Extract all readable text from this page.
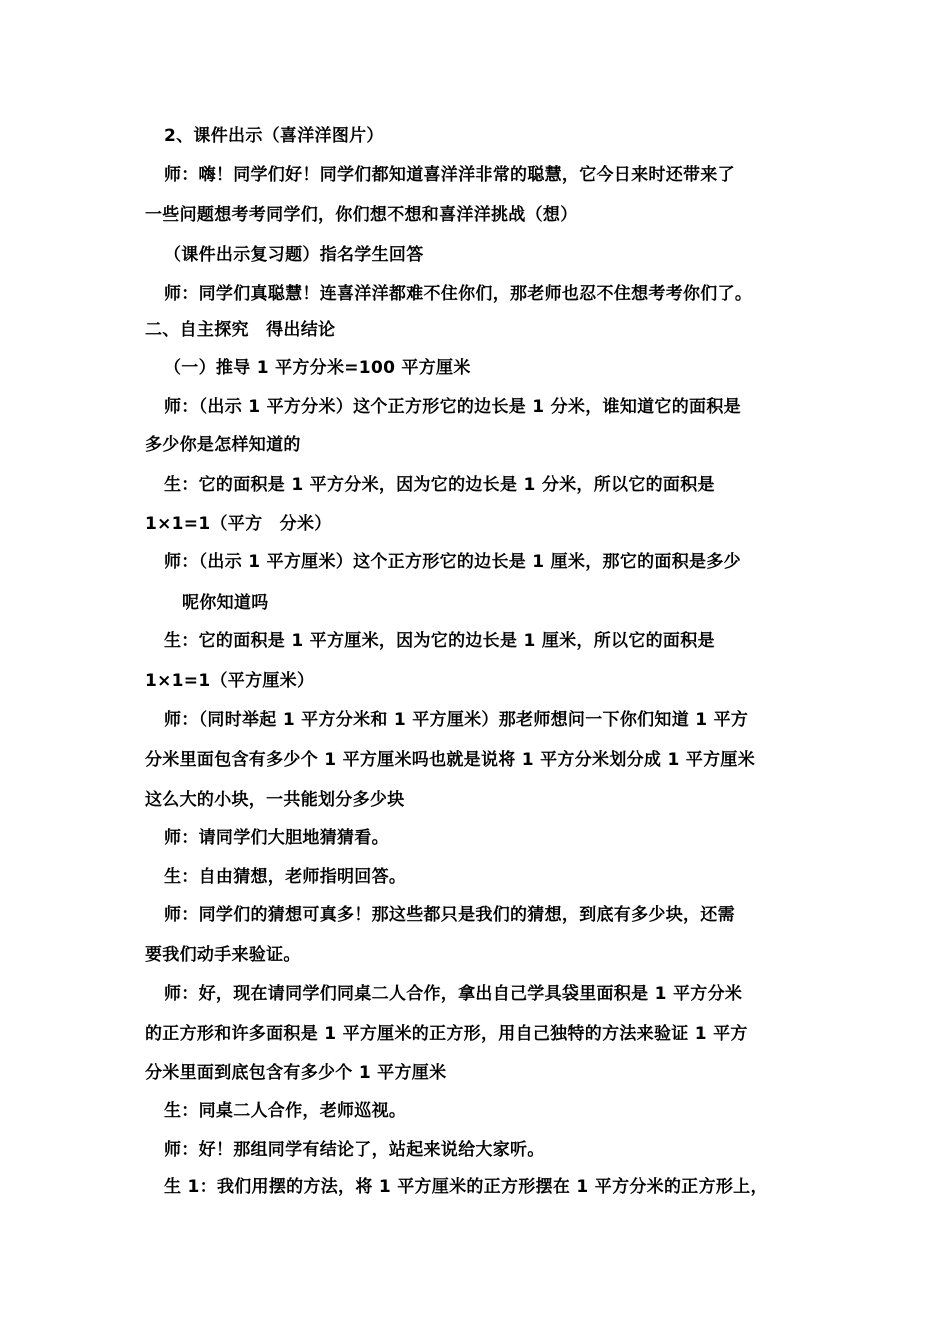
2、课件出示（喜洋洋图片）
师：嗨！同学们好！同学们都知道喜洋洋非常的聪慧，它今日来时还带来了
一些问题想考考同学们，你们想不想和喜洋洋挑战（想）
（课件出示复习题）指名学生回答
师：同学们真聪慧！连喜洋洋都难不住你们，那老师也忍不住想考考你们了。
二、自主探究　得出结论
（一）推导 1 平方分米=100 平方厘米
师：（出示 1 平方分米）这个正方形它的边长是 1 分米，谁知道它的面积是
多少你是怎样知道的
生：它的面积是 1 平方分米，因为它的边长是 1 分米，所以它的面积是
1×1=1（平方　分米）
师：（出示 1 平方厘米）这个正方形它的边长是 1 厘米，那它的面积是多少
呢你知道吗
生：它的面积是 1 平方厘米，因为它的边长是 1 厘米，所以它的面积是
1×1=1（平方厘米）
师：（同时举起 1 平方分米和 1 平方厘米）那老师想问一下你们知道 1 平方
分米里面包含有多少个 1 平方厘米吗也就是说将 1 平方分米划分成 1 平方厘米
这么大的小块，一共能划分多少块
师：请同学们大胆地猜猜看。
生：自由猜想，老师指明回答。
师：同学们的猜想可真多！那这些都只是我们的猜想，到底有多少块，还需
要我们动手来验证。
师：好，现在请同学们同桌二人合作，拿出自己学具袋里面积是 1 平方分米
的正方形和许多面积是 1 平方厘米的正方形，用自己独特的方法来验证 1 平方
分米里面到底包含有多少个 1 平方厘米
生：同桌二人合作，老师巡视。
师：好！那组同学有结论了，站起来说给大家听。
生 1：我们用摆的方法，将 1 平方厘米的正方形摆在 1 平方分米的正方形上，
